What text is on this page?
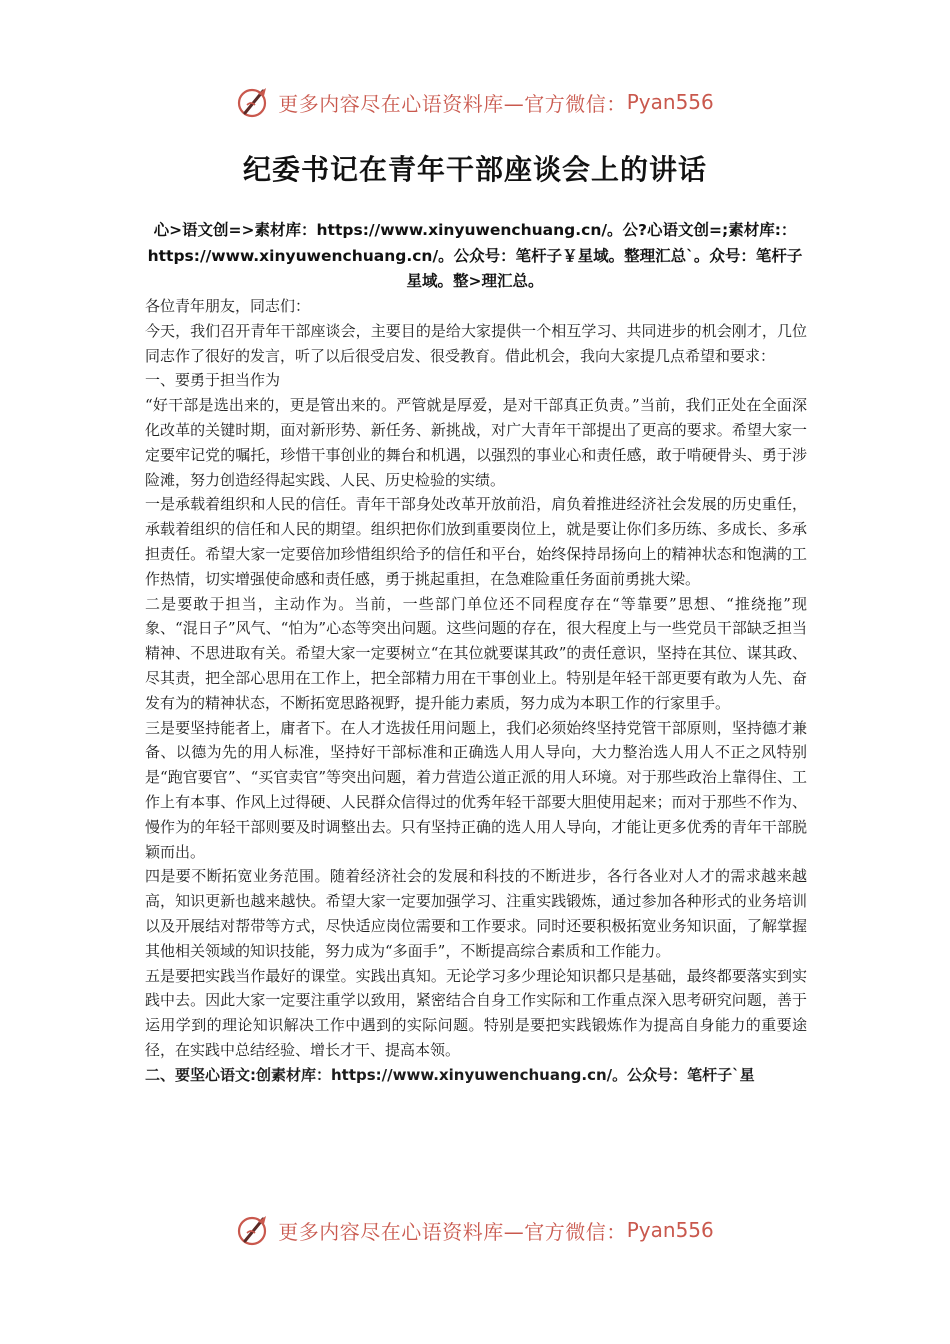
更多内容尽在心语资料库—官方微信： Pyan556
纪委书记在青年干部座谈会上的讲话
心>语文创=>素材库：https://www.xinyuwenchuang.cn/。公?心语文创=;素材库:：https://www.xinyuwenchuang.cn/。公众号：笔杆子￥星域。整理汇总`。众号：笔杆子星域。整>理汇总。

各位青年朋友，同志们：

今天，我们召开青年干部座谈会，主要目的是给大家提供一个相互学习、共同进步的机会刚才，几位同志作了很好的发言，听了以后很受启发、很受教育。借此机会，我向大家提几点希望和要求：

一、要勇于担当作为

“好干部是选出来的，更是管出来的。严管就是厚爱，是对干部真正负责。”当前，我们正处在全面深化改革的关键时期，面对新形势、新任务、新挑战，对广大青年干部提出了更高的要求。希望大家一定要牢记党的嘱托，珍惜干事创业的舞台和机遇，以强烈的事业心和责任感，敢于啃硬骨头、勇于涉险滩，努力创造经得起实践、人民、历史检验的实绩。

一是承载着组织和人民的信任。青年干部身处改革开放前沿，肩负着推进经济社会发展的历史重任，承载着组织的信任和人民的期望。组织把你们放到重要岗位上，就是要让你们多历练、多成长、多承担责任。希望大家一定要倍加珍惜组织给予的信任和平台，始终保持昂扬向上的精神状态和饱满的工作热情，切实增强使命感和责任感，勇于挑起重担，在急难险重任务面前勇挑大梁。

二是要敢于担当，主动作为。当前，一些部门单位还不同程度存在“等靠要”思想、“推绕拖”现象、“混日子”风气、“怕为”心态等突出问题。这些问题的存在，很大程度上与一些党员干部缺乏担当精神、不思进取有关。希望大家一定要树立“在其位就要谋其政”的责任意识，坚持在其位、谋其政、尽其责，把全部心思用在工作上，把全部精力用在干事创业上。特别是年轻干部更要有敢为人先、奋发有为的精神状态，不断拓宽思路视野，提升能力素质，努力成为本职工作的行家里手。

三是要坚持能者上，庸者下。在人才选拔任用问题上，我们必须始终坚持党管干部原则，坚持德才兼备、以德为先的用人标准，坚持好干部标准和正确选人用人导向，大力整治选人用人不正之风特别是“跑官要官”、“买官卖官”等突出问题，着力营造公道正派的用人环境。对于那些政治上靠得住、工作上有本事、作风上过得硬、人民群众信得过的优秀年轻干部要大胆使用起来；而对于那些不作为、慢作为的年轻干部则要及时调整出去。只有坚持正确的选人用人导向，才能让更多优秀的青年干部脱颖而出。

四是要不断拓宽业务范围。随着经济社会的发展和科技的不断进步，各行各业对人才的需求越来越高，知识更新也越来越快。希望大家一定要加强学习、注重实践锻炼，通过参加各种形式的业务培训以及开展结对帮带等方式，尽快适应岗位需要和工作要求。同时还要积极拓宽业务知识面，了解掌握其他相关领域的知识技能，努力成为“多面手”，不断提高综合素质和工作能力。

五是要把实践当作最好的课堂。实践出真知。无论学习多少理论知识都只是基础，最终都要落实到实践中去。因此大家一定要注重学以致用，紧密结合自身工作实际和工作重点深入思考研究问题，善于运用学到的理论知识解决工作中遇到的实际问题。特别是要把实践锻炼作为提高自身能力的重要途径，在实践中总结经验、增长才干、提高本领。

二、要坚心语文:创素材库：https://www.xinyuwenchuang.cn/。公众号：笔杆子`星

更多内容尽在心语资料库—官方微信： Pyan556
